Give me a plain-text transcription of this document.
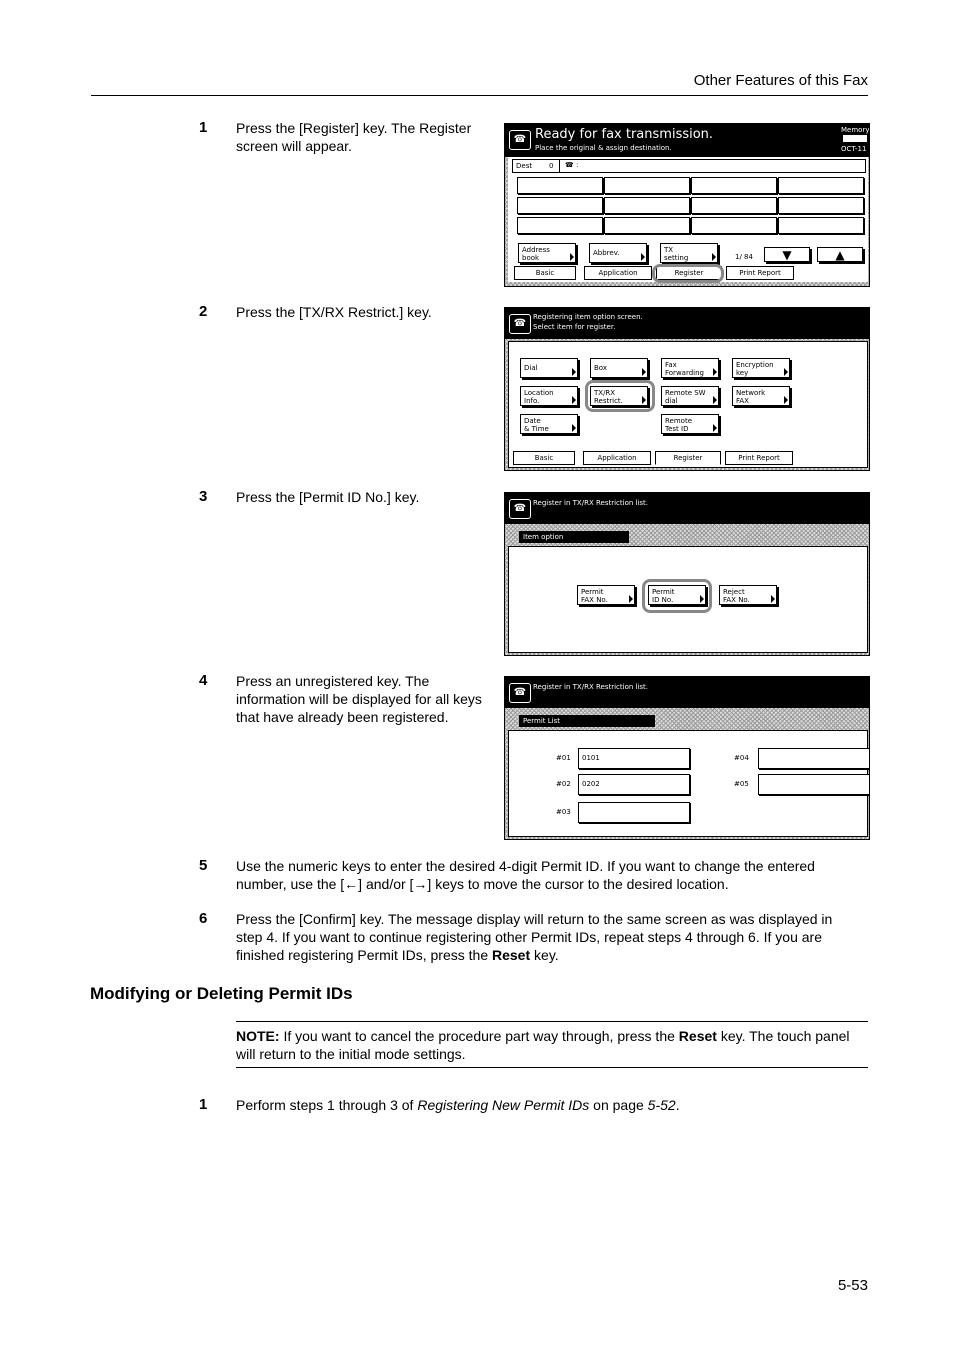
Other Features of this Fax
1 Press the [Register] key. The Register screen will appear.	☎ Ready for fax transmission.
Place the original & assign destination.
Memory
OCT-11
Dest 0 ☎ :
Address
book
Abbrev.	TX
setting	1/ 84	▼	▲
Basic	Application	Register	Print Report
2 Press the [TX/RX Restrict.] key.
☎
Registering item option screen.
Select item for register.
Dial	Box	Fax
Forwarding
Encryption
key
Location
Info.
TX/RX
Restrict.
Remote SW
dial
Network
FAX
Date
& Time
Remote
Test ID
Basic	Application	Register	Print Report
3 Press the [Permit ID No.] key.
☎ Register in TX/RX Restriction list.
Item option
Permit
FAX No.
Permit
ID No.
Reject
FAX No.
4 Press an unregistered key. The information will be displayed for all keys that have already been registered.
☎ Register in TX/RX Restriction list.
Permit List
#01 0101
#02 0202
#03
#04
#05
5 Use the numeric keys to enter the desired 4-digit Permit ID. If you want to change the entered number, use the [←] and/or [→] keys to move the cursor to the desired location.
6 Press the [Confirm] key. The message display will return to the same screen as was displayed in step 4. If you want to continue registering other Permit IDs, repeat steps 4 through 6. If you are finished registering Permit IDs, press the Reset key.
Modifying or Deleting Permit IDs
NOTE: If you want to cancel the procedure part way through, press the Reset key. The touch panel will return to the initial mode settings.
1 Perform steps 1 through 3 of Registering New Permit IDs on page 5-52.
5-53
